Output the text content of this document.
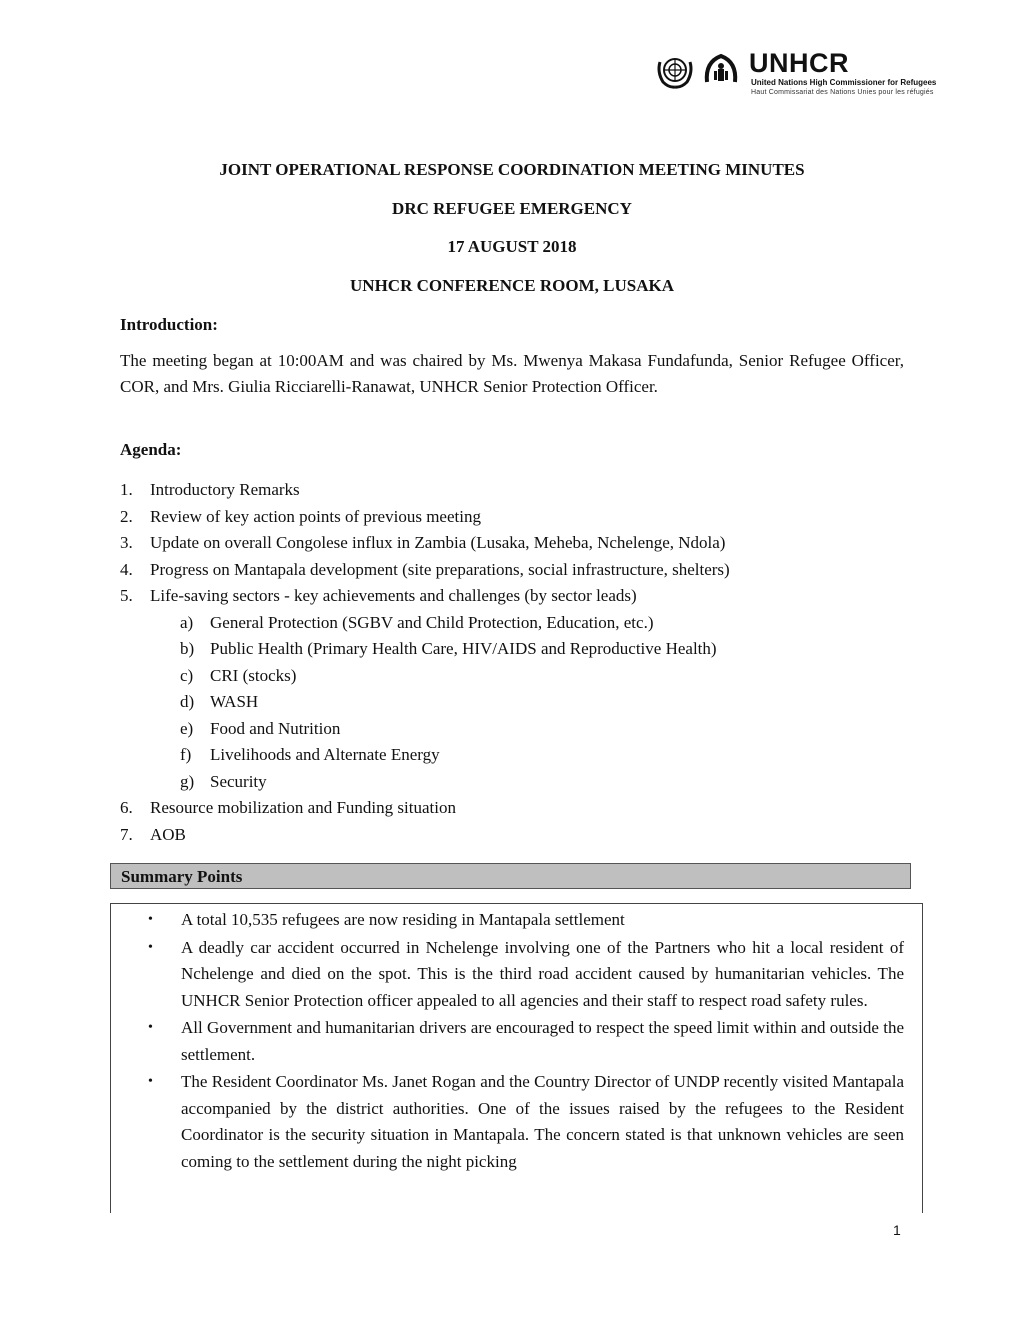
UNHCR
United Nations High Commissioner for Refugees
Haut Commissariat des Nations Unies pour les réfugiés
JOINT OPERATIONAL RESPONSE COORDINATION MEETING MINUTES
DRC REFUGEE EMERGENCY
17 AUGUST 2018
UNHCR CONFERENCE ROOM, LUSAKA
Introduction:
The meeting began at 10:00AM and was chaired by Ms. Mwenya Makasa Fundafunda, Senior Refugee Officer, COR, and Mrs. Giulia Ricciarelli-Ranawat, UNHCR Senior Protection Officer.
Agenda:
1. Introductory Remarks
2. Review of key action points of previous meeting
3. Update on overall Congolese influx in Zambia (Lusaka, Meheba, Nchelenge, Ndola)
4. Progress on Mantapala development (site preparations, social infrastructure, shelters)
5. Life-saving sectors - key achievements and challenges (by sector leads)
a) General Protection (SGBV and Child Protection, Education, etc.)
b) Public Health (Primary Health Care, HIV/AIDS and Reproductive Health)
c) CRI (stocks)
d) WASH
e) Food and Nutrition
f) Livelihoods and Alternate Energy
g) Security
6. Resource mobilization and Funding situation
7. AOB
Summary Points
• A total 10,535 refugees are now residing in Mantapala settlement
• A deadly car accident occurred in Nchelenge involving one of the Partners who hit a local resident of Nchelenge and died on the spot. This is the third road accident caused by humanitarian vehicles. The UNHCR Senior Protection officer appealed to all agencies and their staff to respect road safety rules.
• All Government and humanitarian drivers are encouraged to respect the speed limit within and outside the settlement.
• The Resident Coordinator Ms. Janet Rogan and the Country Director of UNDP recently visited Mantapala accompanied by the district authorities. One of the issues raised by the refugees to the Resident Coordinator is the security situation in Mantapala. The concern stated is that unknown vehicles are seen coming to the settlement during the night picking
1
